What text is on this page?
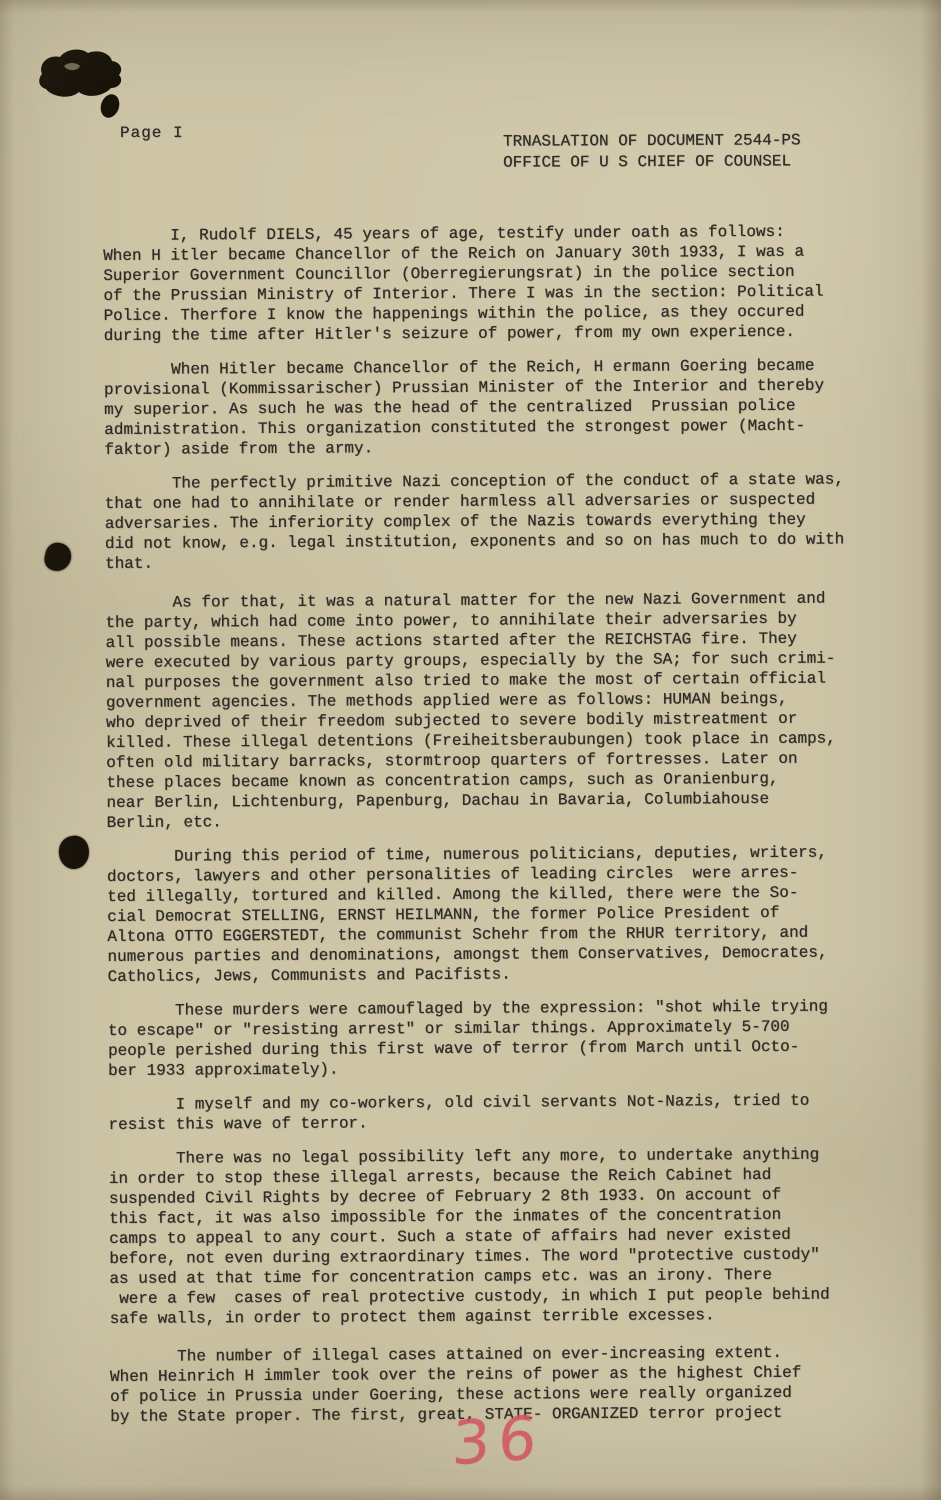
Page I	TRNASLATION OF DOCUMENT 2544-PS
OFFICE OF U S CHIEF OF COUNSEL

I, Rudolf DIELS, 45 years of age, testify under oath as follows:
When H itler became Chancellor of the Reich on January 30th 1933, I was a
Superior Government Councillor (Oberregierungsrat) in the police section
of the Prussian Ministry of Interior. There I was in the section: Political
Police. Therfore I know the happenings within the police, as they occured
during the time after Hitler's seizure of power, from my own experience.

When Hitler became Chancellor of the Reich, H ermann Goering became
provisional (Kommissarischer) Prussian Minister of the Interior and thereby
my superior. As such he was the head of the centralized  Prussian police
administration. This organization constituted the strongest power (Macht-
faktor) aside from the army.

The perfectly primitive Nazi conception of the conduct of a state was,
that one had to annihilate or render harmless all adversaries or suspected
adversaries. The inferiority complex of the Nazis towards everything they
did not know, e.g. legal institution, exponents and so on has much to do with
that.

As for that, it was a natural matter for the new Nazi Government and
the party, which had come into power, to annihilate their adversaries by
all possible means. These actions started after the REICHSTAG fire. They
were executed by various party groups, especially by the SA; for such crimi-
nal purposes the government also tried to make the most of certain official
government agencies. The methods applied were as follows: HUMAN beings,
who deprived of their freedom subjected to severe bodily mistreatment or
killed. These illegal detentions (Freiheitsberaubungen) took place in camps,
often old military barracks, stormtroop quarters of fortresses. Later on
these places became known as concentration camps, such as Oranienburg,
near Berlin, Lichtenburg, Papenburg, Dachau in Bavaria, Columbiahouse
Berlin, etc.

During this period of time, numerous politicians, deputies, writers,
doctors, lawyers and other personalities of leading circles  were arres-
ted illegally, tortured and killed. Among the killed, there were the So-
cial Democrat STELLING, ERNST HEILMANN, the former Police President of
Altona OTTO EGGERSTEDT, the communist Schehr from the RHUR territory, and
numerous parties and denominations, amongst them Conservatives, Democrates,
Catholics, Jews, Communists and Pacifists.

These murders were camouflaged by the expression: "shot while trying
to escape" or "resisting arrest" or similar things. Approximately 5-700
people perished during this first wave of terror (from March until Octo-
ber 1933 approximately).

I myself and my co-workers, old civil servants Not-Nazis, tried to
resist this wave of terror.

There was no legal possibility left any more, to undertake anything
in order to stop these illegal arrests, because the Reich Cabinet had
suspended Civil Rights by decree of February 2 8th 1933. On account of
this fact, it was also impossible for the inmates of the concentration
camps to appeal to any court. Such a state of affairs had never existed
before, not even during extraordinary times. The word "protective custody"
as used at that time for concentration camps etc. was an irony. There
were a few  cases of real protective custody, in which I put people behind
safe walls, in order to protect them against terrible excesses.

The number of illegal cases attained on ever-increasing extent.
When Heinrich H immler took over the reins of power as the highest Chief
of police in Prussia under Goering, these actions were really organized
by the State proper. The first, great, STATE- ORGANIZED terror project

36
